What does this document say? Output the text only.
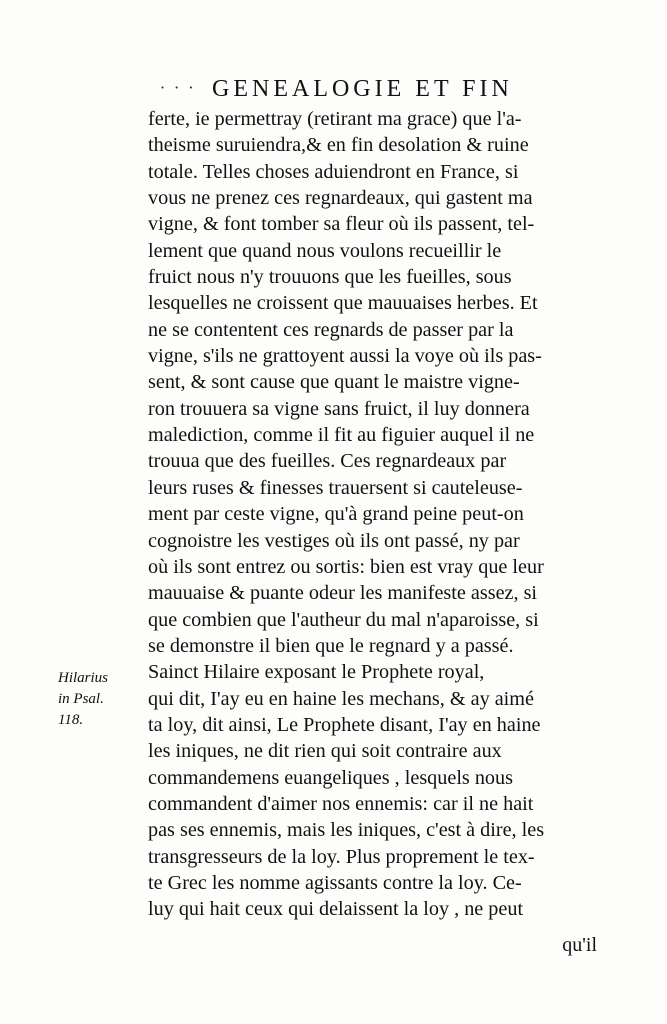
· · · GENEALOGIE ET FIN
ferte, ie permettray (retirant ma grace) que l'a-
theisme suruiendra,& en fin desolation & ruine
totale. Telles choses aduiendront en France, si
vous ne prenez ces regnardeaux, qui gastent ma
vigne, & font tomber sa fleur où ils passent, tel-
lement que quand nous voulons recueillir le
fruict nous n'y trouuons que les fueilles, sous
lesquelles ne croissent que mauuaises herbes. Et
ne se contentent ces regnards de passer par la
vigne, s'ils ne grattoyent aussi la voye où ils pas-
sent, & sont cause que quant le maistre vigne-
ron trouuera sa vigne sans fruict, il luy donnera
malediction, comme il fit au figuier auquel il ne
trouua que des fueilles. Ces regnardeaux par
leurs ruses & finesses trauersent si cauteleuse-
ment par ceste vigne, qu'à grand peine peut-on
cognoistre les vestiges où ils ont passé, ny par
où ils sont entrez ou sortis: bien est vray que leur
mauuaise & puante odeur les manifeste assez, si
que combien que l'autheur du mal n'aparoisse, si
se demonstre il bien que le regnard y a passé.
Sainct Hilaire exposant le Prophete royal,
qui dit, I'ay eu en haine les mechans, & ay aimé
ta loy, dit ainsi, Le Prophete disant, I'ay en haine
les iniques, ne dit rien qui soit contraire aux
commandemens euangeliques , lesquels nous
commandent d'aimer nos ennemis: car il ne hait
pas ses ennemis, mais les iniques, c'est à dire, les
transgresseurs de la loy. Plus proprement le tex-
te Grec les nomme agissants contre la loy. Ce-
luy qui hait ceux qui delaissent la loy , ne peut
Hilarius
in Psal.
118.
qu'il
